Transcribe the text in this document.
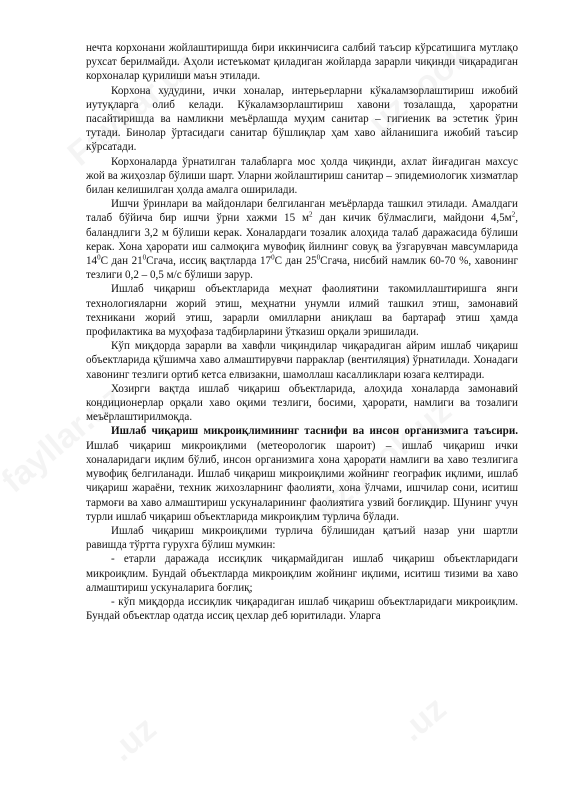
нечта корхонани жойлаштиришда бири иккинчисига салбий таъсир кўрсатишига мутлақо рухсат берилмайди. Аҳоли истеъкомат қиладиган жойларда зарарли чиқинди чиқарадиган корхоналар қурилиши маън этилади.

Корхона худудини, ички хоналар, интерьерларни кўкаламзорлаштириш ижобий иутуқларга олиб келади. Кўкаламзорлаштириш хавони тозалашда, ҳароратни пасайтиришда ва намликни меъёрлашда муҳим санитар – гигиеник ва эстетик ўрин тутади. Бинолар ўртасидаги санитар бўшлиқлар ҳам хаво айланишига ижобий таъсир кўрсатади.

Корхоналарда ўрнатилган талабларга мос ҳолда чиқинди, ахлат йиғадиган махсус жой ва жиҳозлар бўлиши шарт. Уларни жойлаштириш санитар – эпидемиологик хизматлар билан келишилган ҳолда амалга оширилади.

Ишчи ўринлари ва майдонлари белгиланган меъёрларда ташкил этилади. Амалдаги талаб бўйича бир ишчи ўрни хажми 15 $м^2$ дан кичик бўлмаслиги, майдони $4,5м^2$, баландлиги 3,2 м бўлиши керак. Хоналардаги тозалик алоҳида талаб даражасида бўлиши керак. Хона ҳарорати иш салмоқига мувофиқ йилнинг совуқ ва ўзгарувчан мавсумларида $14^0С$ дан $21^0Сгача$, иссиқ вақтларда $17^0С$ дан $25^0Сгача$, нисбий намлик 60-70 %, хавонинг тезлиги 0,2 – 0,5 м/с бўлиши зарур.

Ишлаб чиқариш объектларида меҳнат фаолиятини такомиллаштиришга янги технологияларни жорий этиш, меҳнатни унумли илмий ташкил этиш, замонавий техникани жорий этиш, зарарли омилларни аниқлаш ва бартараф этиш ҳамда профилактика ва муҳофаза тадбирларини ўтказиш орқали эришилади.

Кўп миқдорда зарарли ва хавфли чиқиндилар чиқарадиган айрим ишлаб чиқариш объектларида қўшимча хаво алмаштирувчи парраклар (вентиляция) ўрнатилади. Хонадаги хавонинг тезлиги ортиб кетса елвизакни, шамоллаш касалликлари юзага келтиради.

Хозирги вақтда ишлаб чиқариш объектларида, алоҳида хоналарда замонавий кондиционерлар орқали хаво оқими тезлиги, босими, ҳарорати, намлиги ва тозалиги меъёрлаштирилмоқда.

Ишлаб чиқариш микроиқлимининг таснифи ва инсон организмига таъсири. Ишлаб чиқариш микроиқлими (метеорологик шароит) – ишлаб чиқариш ички хоналаридаги иқлим бўлиб, инсон организмига хона ҳарорати намлиги ва хаво тезлигига мувофиқ белгиланади. Ишлаб чиқариш микроиқлими жойнинг географик иқлими, ишлаб чиқариш жараёни, техник жихозларнинг фаолияти, хона ўлчами, ишчилар сони, иситиш тармоғи ва хаво алмаштириш ускуналарининг фаолиятига узвий боғлиқдир. Шунинг учун турли ишлаб чиқариш объектларида микроиқлим турлича бўлади.

Ишлаб чиқариш микроиқлими турлича бўлишидан қатъий назар уни шартли равишда тўртта гурухга бўлиш мумкин:

- етарли даражада иссиқлик чиқармайдиган ишлаб чиқариш объектларидаги микроиқлим. Бундай объектларда микроиқлим жойнинг иқлими, иситиш тизими ва хаво алмаштириш ускуналарига боғлиқ;

- кўп миқдорда иссиқлик чиқарадиган ишлаб чиқариш объектларидаги микроиқлим. Бундай объектлар одатда иссиқ цехлар деб юритилади. Уларга
